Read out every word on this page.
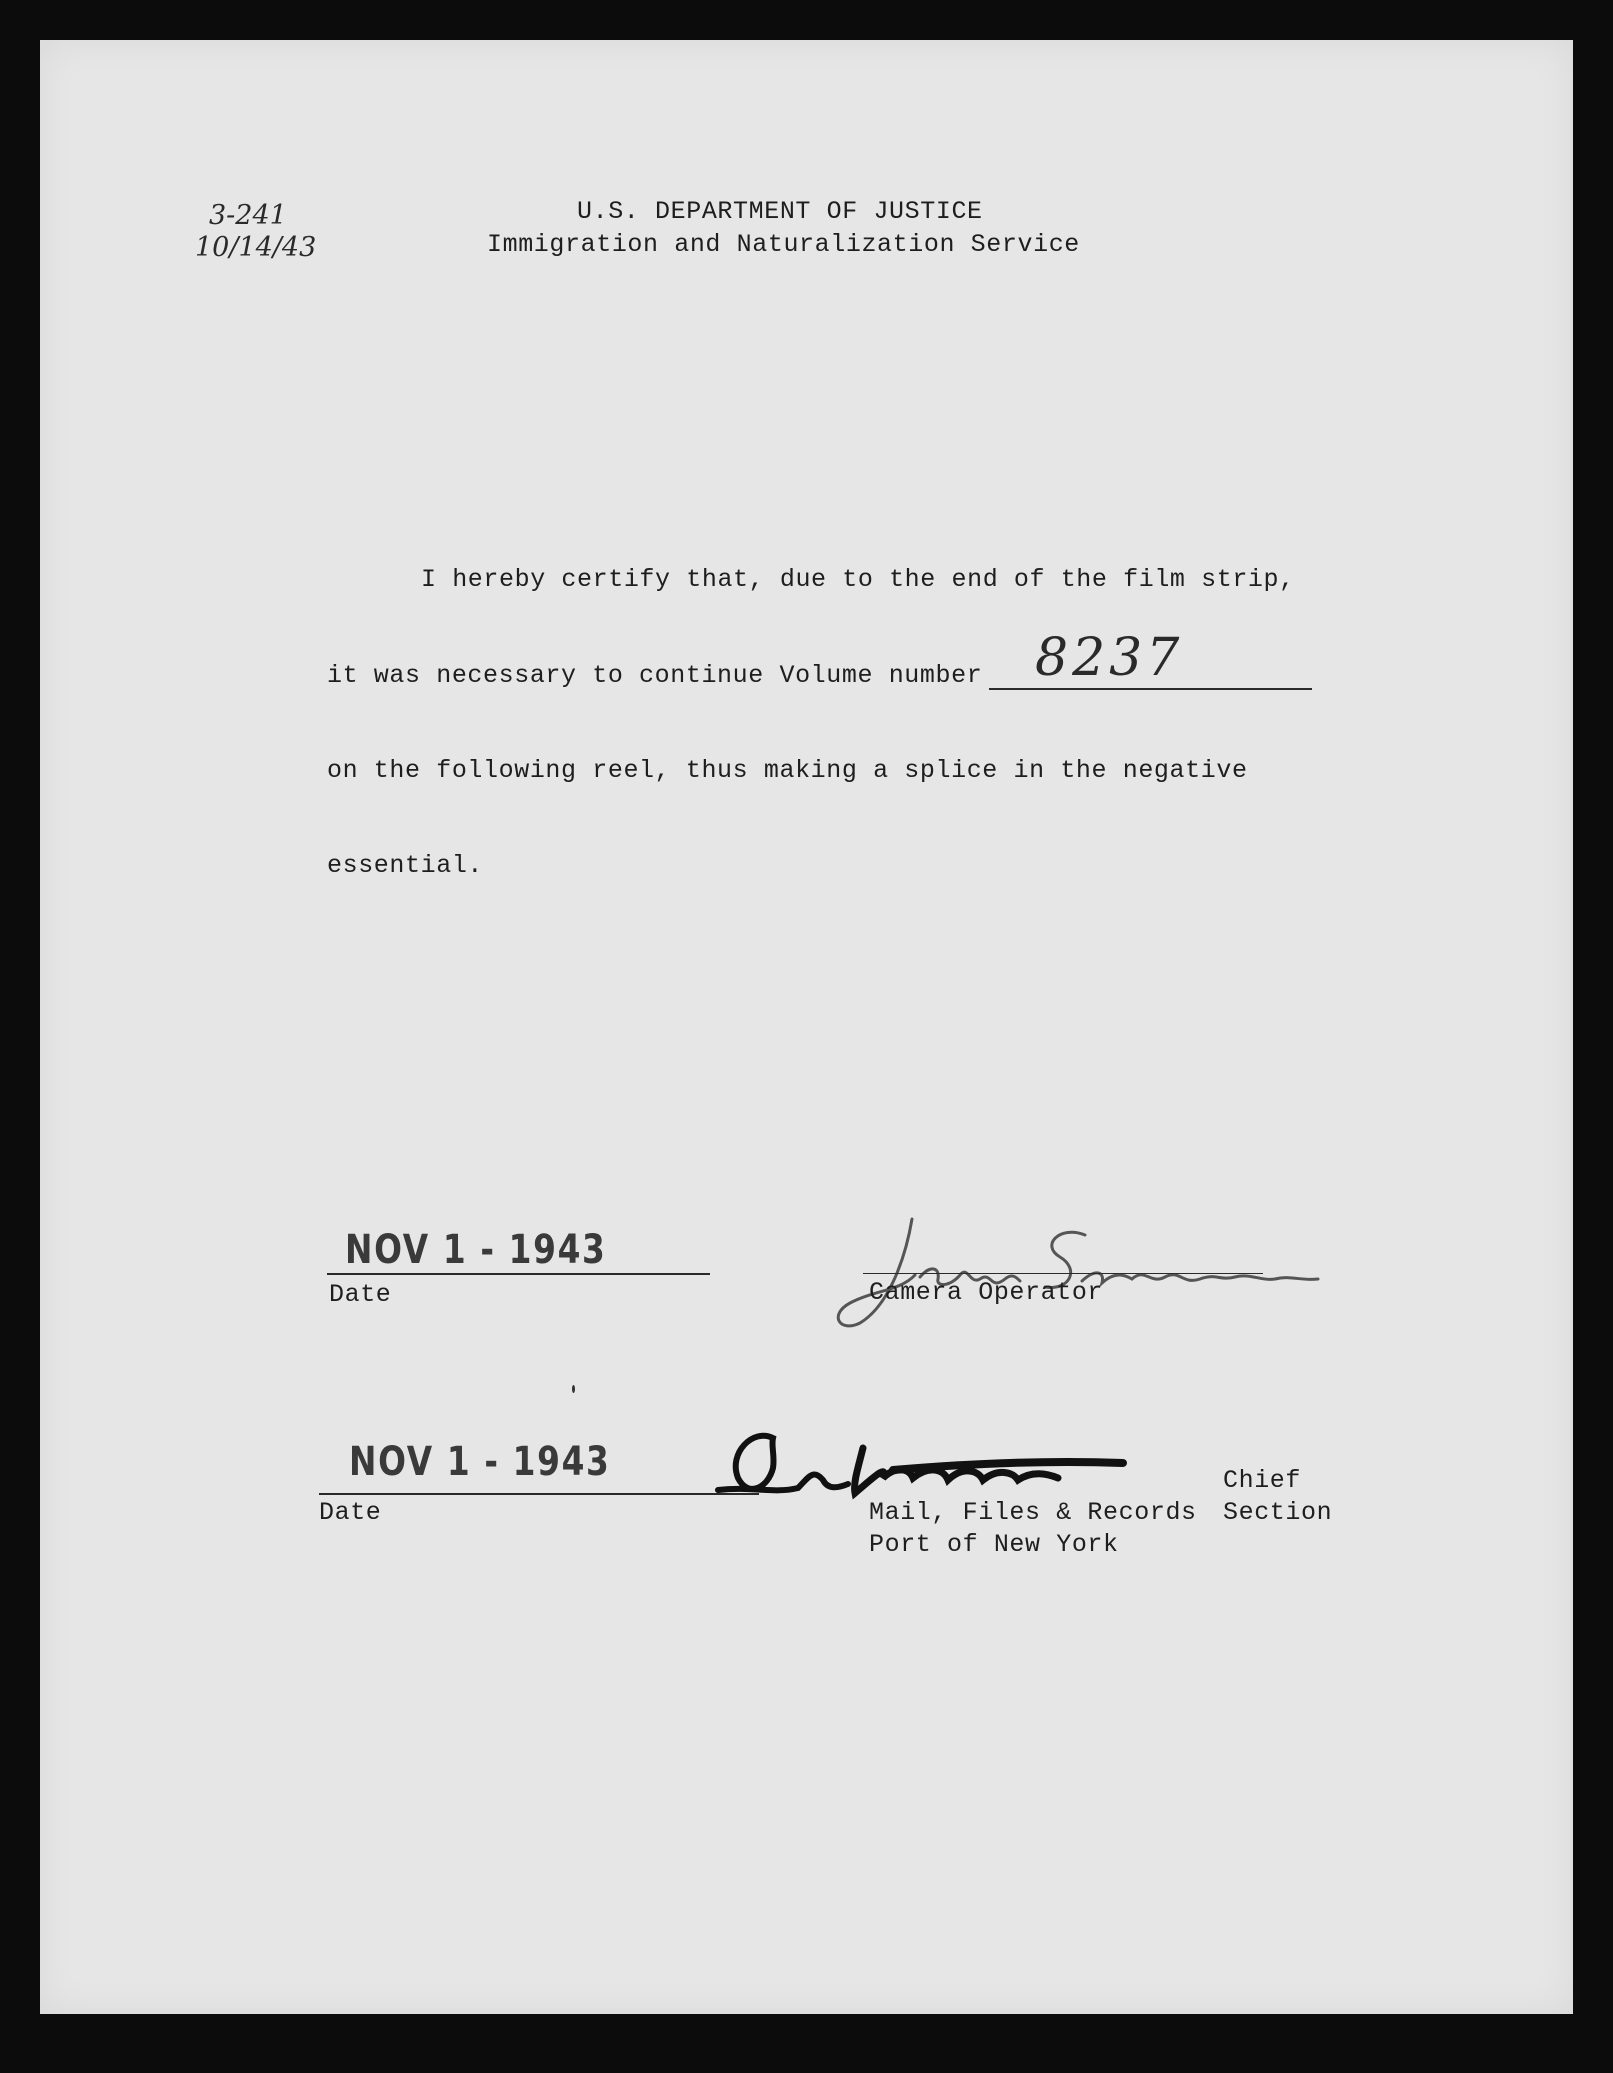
3-241
10/14/43
U.S. DEPARTMENT OF JUSTICE
Immigration and Naturalization Service
I hereby certify that, due to the end of the film strip,
it was necessary to continue Volume number 8237
on the following reel, thus making a splice in the negative
essential.
NOV 1 - 1943
Date	Camera Operator
NOV 1 - 1943
Date
Chief
Mail, Files & Records Section
Port of New York
